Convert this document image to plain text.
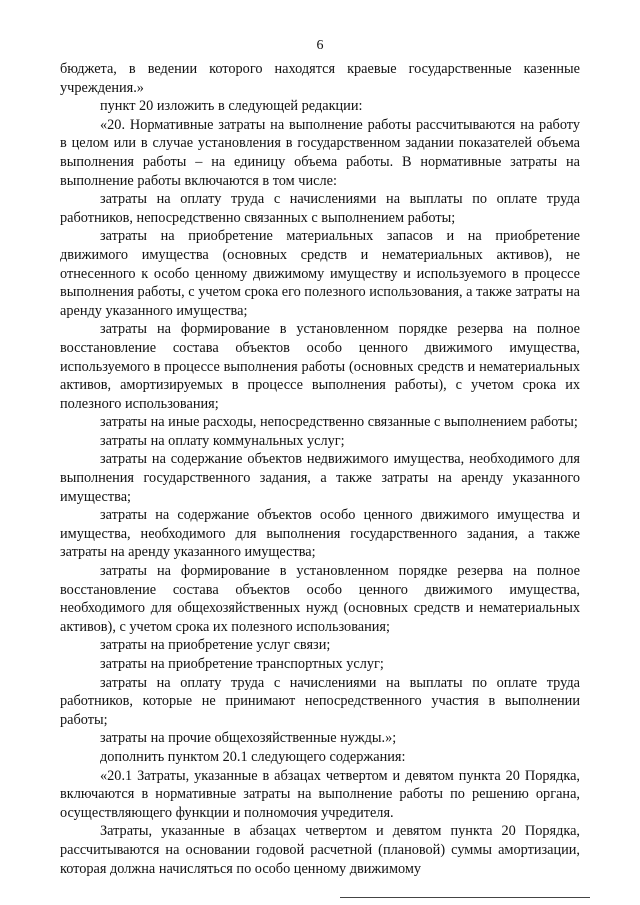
6

бюджета, в ведении которого находятся краевые государственные казенные учреждения.»

пункт 20 изложить в следующей редакции:

«20. Нормативные затраты на выполнение работы рассчитываются на работу в целом или в случае установления в государственном задании показателей объема выполнения работы – на единицу объема работы. В нормативные затраты на выполнение работы включаются в том числе:

затраты на оплату труда с начислениями на выплаты по оплате труда работников, непосредственно связанных с выполнением работы;

затраты на приобретение материальных запасов и на приобретение движимого имущества (основных средств и нематериальных активов), не отнесенного к особо ценному движимому имуществу и используемого в процессе выполнения работы, с учетом срока его полезного использования, а также затраты на аренду указанного имущества;

затраты на формирование в установленном порядке резерва на полное восстановление состава объектов особо ценного движимого имущества, используемого в процессе выполнения работы (основных средств и нематериальных активов, амортизируемых в процессе выполнения работы), с учетом срока их полезного использования;

затраты на иные расходы, непосредственно связанные с выполнением работы;

затраты на оплату коммунальных услуг;

затраты на содержание объектов недвижимого имущества, необходимого для выполнения государственного задания, а также затраты на аренду указанного имущества;

затраты на содержание объектов особо ценного движимого имущества и имущества, необходимого для выполнения государственного задания, а также затраты на аренду указанного имущества;

затраты на формирование в установленном порядке резерва на полное восстановление состава объектов особо ценного движимого имущества, необходимого для общехозяйственных нужд (основных средств и нематериальных активов), с учетом срока их полезного использования;

затраты на приобретение услуг связи;

затраты на приобретение транспортных услуг;

затраты на оплату труда с начислениями на выплаты по оплате труда работников, которые не принимают непосредственного участия в выполнении работы;

затраты на прочие общехозяйственные нужды.»;

дополнить пунктом 20.1 следующего содержания:

«20.1 Затраты, указанные в абзацах четвертом и девятом пункта 20 Порядка, включаются в нормативные затраты на выполнение работы по решению органа, осуществляющего функции и полномочия учредителя.

Затраты, указанные в абзацах четвертом и девятом пункта 20 Порядка, рассчитываются на основании годовой расчетной (плановой) суммы амортизации, которая должна начисляться по особо ценному движимому
